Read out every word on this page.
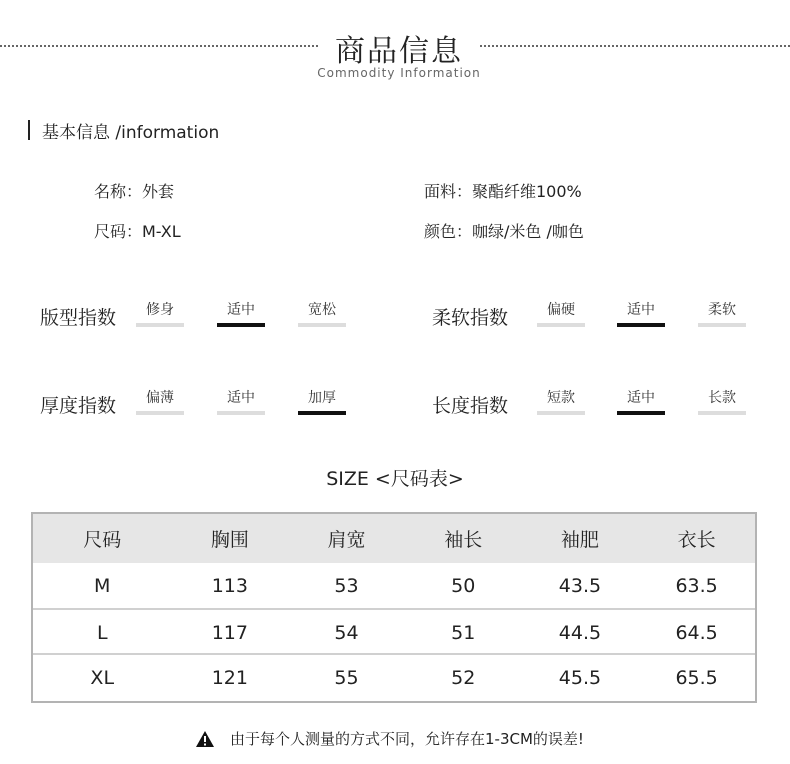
商品信息
Commodity Information
基本信息 /information
名称：外套	面料：聚酯纤维100%
尺码：M-XL	颜色：咖绿/米色 /咖色
版型指数	修身	适中	宽松	柔软指数	偏硬	适中	柔软
厚度指数	偏薄	适中	加厚	长度指数	短款	适中	长款
SIZE <尺码表>
尺码	胸围	肩宽	袖长	袖肥	衣长
M	113	53	50	43.5	63.5
L	117	54	51	44.5	64.5
XL	121	55	52	45.5	65.5
由于每个人测量的方式不同，允许存在1-3CM的误差!
